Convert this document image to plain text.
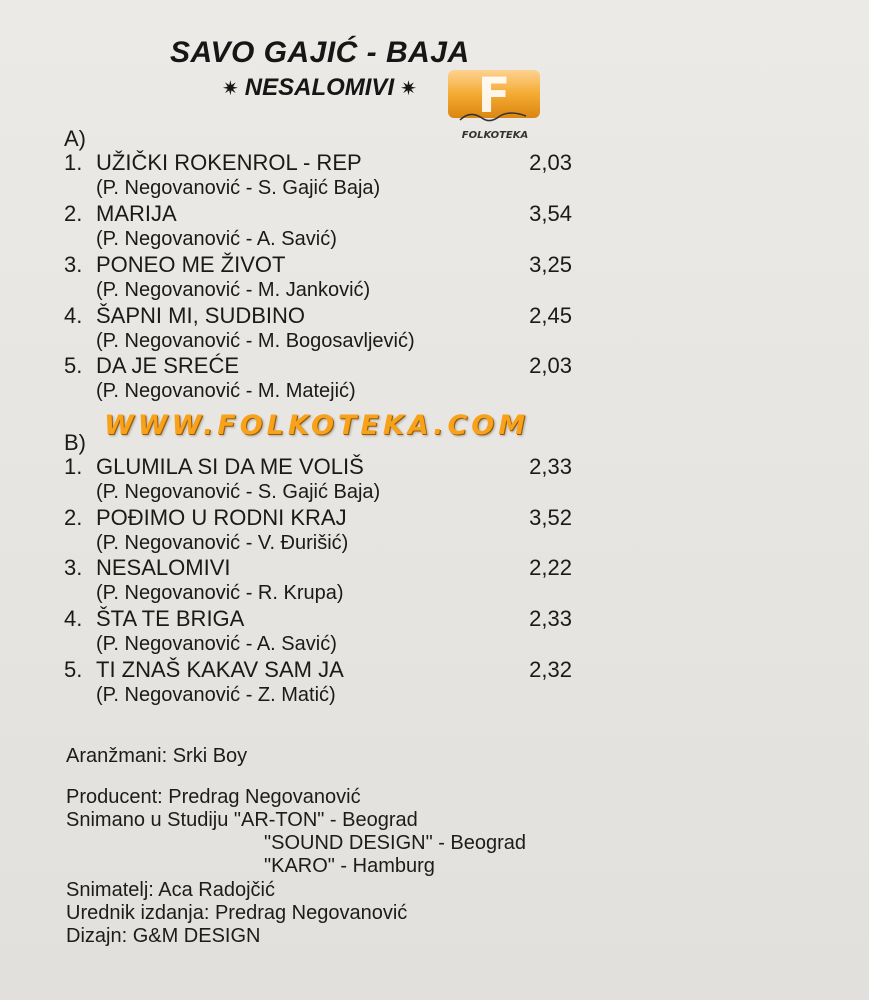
SAVO GAJIĆ - BAJA
✷ NESALOMIVI ✷ F
FOLKOTEKA
A)
1. UŽIČKI ROKENROL - REP	2,03
(P. Negovanović - S. Gajić Baja)
2. MARIJA	3,54
(P. Negovanović - A. Savić)
3. PONEO ME ŽIVOT	3,25
(P. Negovanović - M. Janković)
4. ŠAPNI MI, SUDBINO	2,45
(P. Negovanović - M. Bogosavljević)
5. DA JE SREĆE	2,03
(P. Negovanović - M. Matejić)
WWW.FOLKOTEKA.COM
B)
1. GLUMILA SI DA ME VOLIŠ	2,33
(P. Negovanović - S. Gajić Baja)
2. POĐIMO U RODNI KRAJ	3,52
(P. Negovanović - V. Đurišić)
3. NESALOMIVI	2,22
(P. Negovanović - R. Krupa)
4. ŠTA TE BRIGA	2,33
(P. Negovanović - A. Savić)
5. TI ZNAŠ KAKAV SAM JA	2,32
(P. Negovanović - Z. Matić)
Aranžmani: Srki Boy
Producent: Predrag Negovanović
Snimano u Studiju "AR-TON" - Beograd
"SOUND DESIGN" - Beograd
"KARO" - Hamburg
Snimatelj: Aca Radojčić
Urednik izdanja: Predrag Negovanović
Dizajn: G&M DESIGN
